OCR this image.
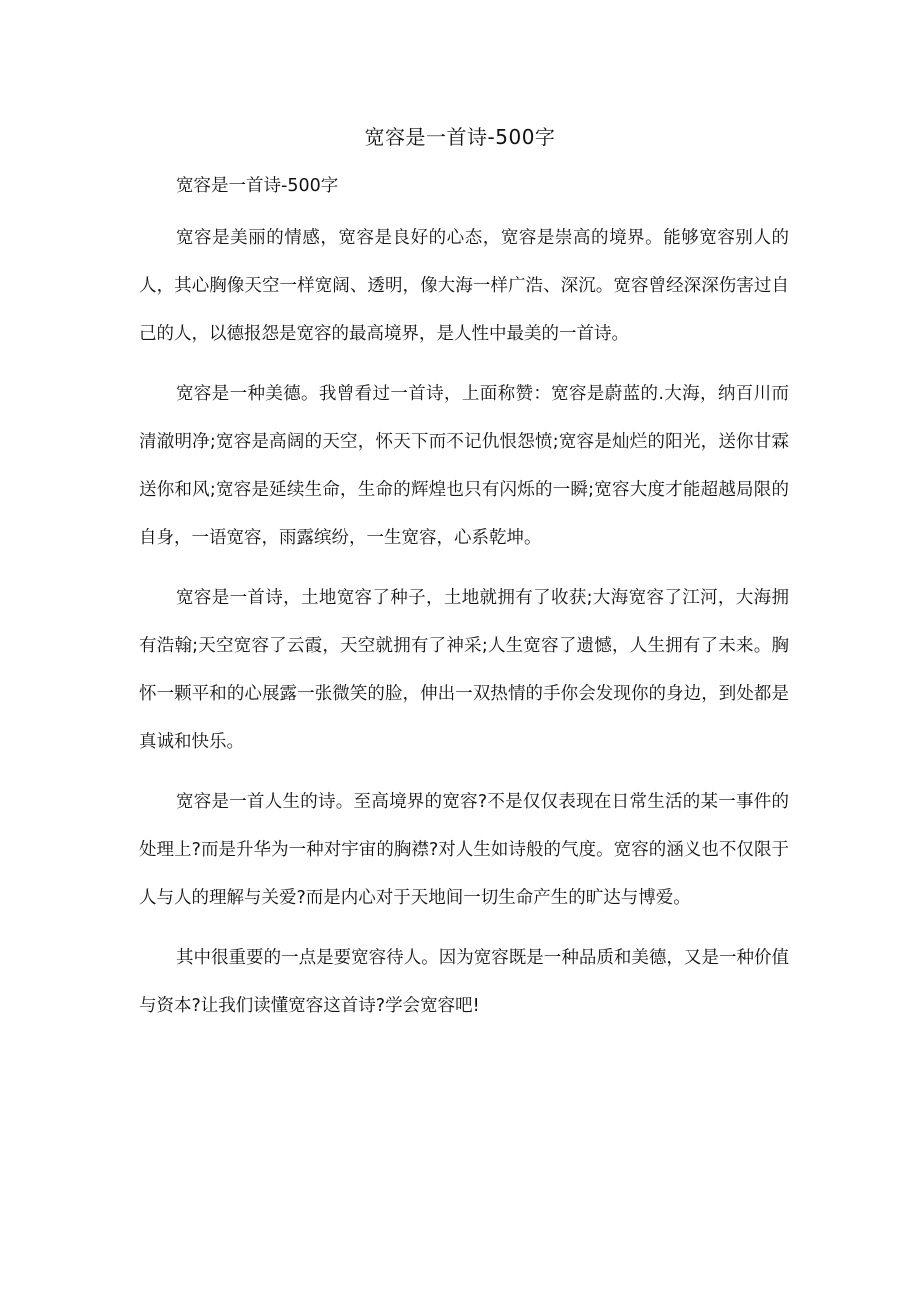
宽容是一首诗-500字

宽容是一首诗-500字

宽容是美丽的情感，宽容是良好的心态，宽容是崇高的境界。能够宽容别人的人，其心胸像天空一样宽阔、透明，像大海一样广浩、深沉。宽容曾经深深伤害过自己的人，以德报怨是宽容的最高境界，是人性中最美的一首诗。

宽容是一种美德。我曾看过一首诗，上面称赞：宽容是蔚蓝的.大海，纳百川而清澈明净;宽容是高阔的天空，怀天下而不记仇恨怨愤;宽容是灿烂的阳光，送你甘霖送你和风;宽容是延续生命，生命的辉煌也只有闪烁的一瞬;宽容大度才能超越局限的自身，一语宽容，雨露缤纷，一生宽容，心系乾坤。

宽容是一首诗，土地宽容了种子，土地就拥有了收获;大海宽容了江河，大海拥有浩翰;天空宽容了云霞，天空就拥有了神采;人生宽容了遗憾，人生拥有了未来。胸怀一颗平和的心展露一张微笑的脸，伸出一双热情的手你会发现你的身边，到处都是真诚和快乐。

宽容是一首人生的诗。至高境界的宽容?不是仅仅表现在日常生活的某一事件的处理上?而是升华为一种对宇宙的胸襟?对人生如诗般的气度。宽容的涵义也不仅限于人与人的理解与关爱?而是内心对于天地间一切生命产生的旷达与博爱。

其中很重要的一点是要宽容待人。因为宽容既是一种品质和美德，又是一种价值与资本?让我们读懂宽容这首诗?学会宽容吧!
